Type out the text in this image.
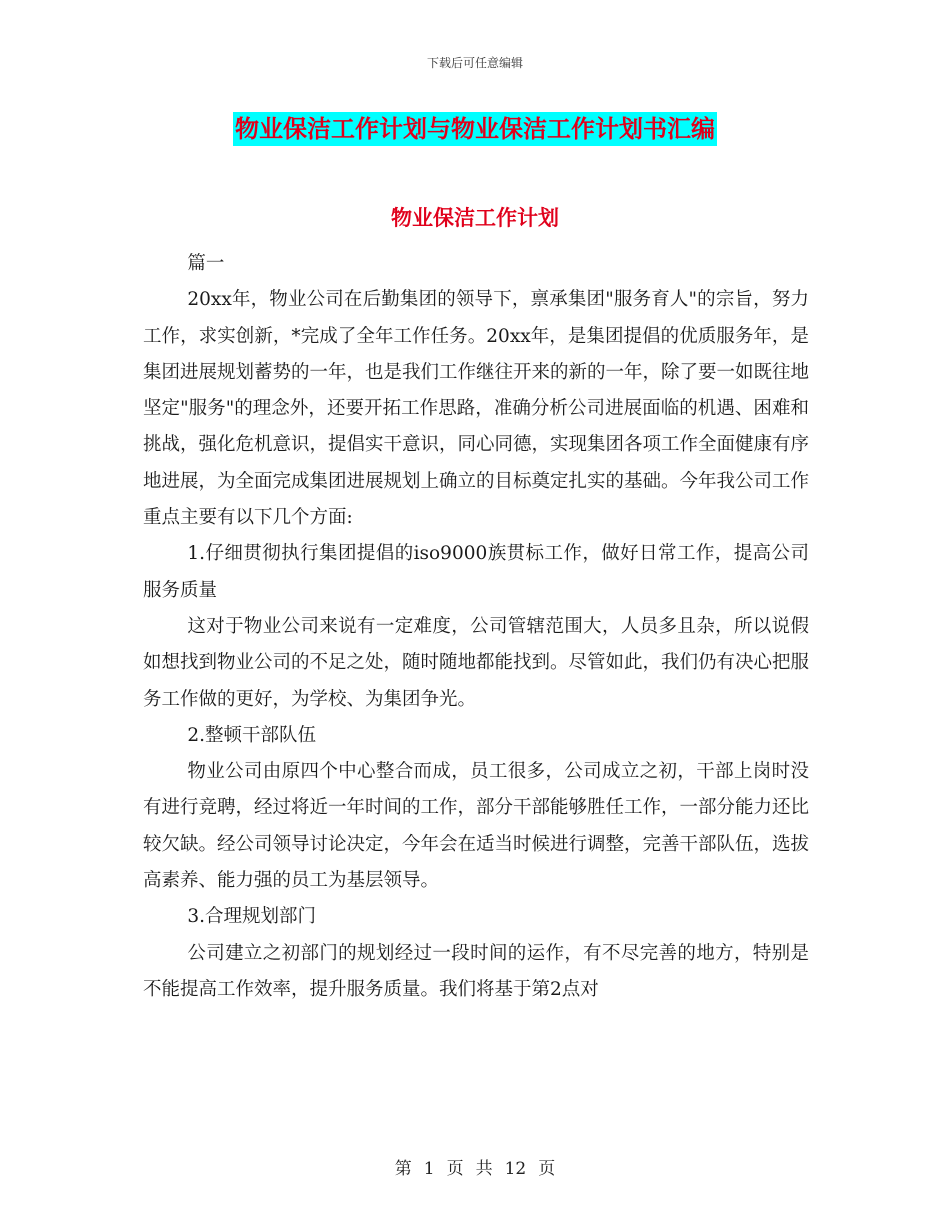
下载后可任意编辑
物业保洁工作计划与物业保洁工作计划书汇编
物业保洁工作计划

篇一

20xx年，物业公司在后勤集团的领导下，禀承集团"服务育人"的宗旨，努力工作，求实创新，*完成了全年工作任务。20xx年，是集团提倡的优质服务年，是集团进展规划蓄势的一年，也是我们工作继往开来的新的一年，除了要一如既往地坚定"服务"的理念外，还要开拓工作思路，准确分析公司进展面临的机遇、困难和挑战，强化危机意识，提倡实干意识，同心同德，实现集团各项工作全面健康有序地进展，为全面完成集团进展规划上确立的目标奠定扎实的基础。今年我公司工作重点主要有以下几个方面:

1.仔细贯彻执行集团提倡的iso9000族贯标工作，做好日常工作，提高公司服务质量

这对于物业公司来说有一定难度，公司管辖范围大，人员多且杂，所以说假如想找到物业公司的不足之处，随时随地都能找到。尽管如此，我们仍有决心把服务工作做的更好，为学校、为集团争光。

2.整顿干部队伍

物业公司由原四个中心整合而成，员工很多，公司成立之初，干部上岗时没有进行竞聘，经过将近一年时间的工作，部分干部能够胜任工作，一部分能力还比较欠缺。经公司领导讨论决定，今年会在适当时候进行调整，完善干部队伍，选拔高素养、能力强的员工为基层领导。

3.合理规划部门

公司建立之初部门的规划经过一段时间的运作，有不尽完善的地方，特别是不能提高工作效率，提升服务质量。我们将基于第2点对

第 1 页 共 12 页
